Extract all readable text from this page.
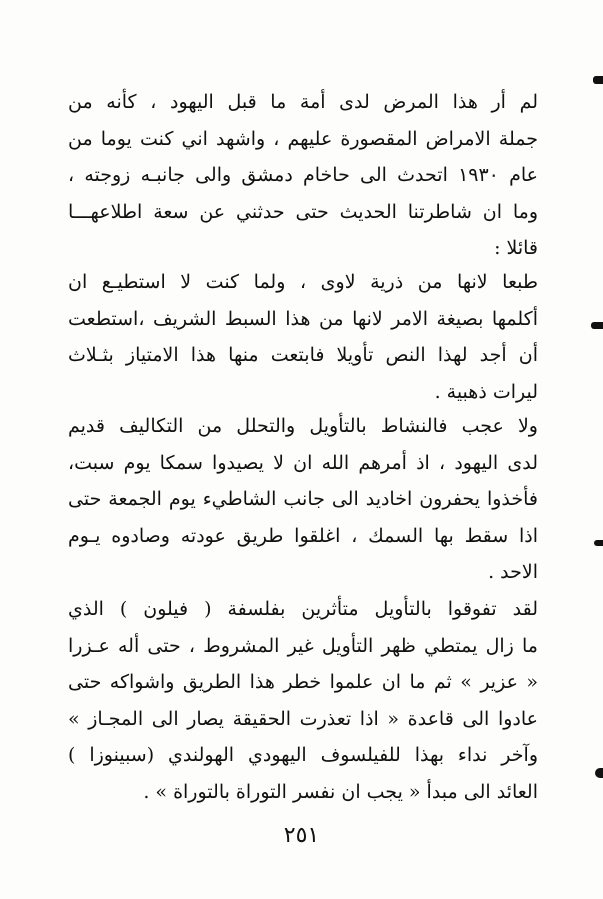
لم أر هذا المرض لدى أمة ما قبل اليهود ، كأنه من
جملة الامراض المقصورة عليهم ، واشهد اني كنت يوما من
عام ١٩٣٠ اتحدث الى حاخام دمشق والى جانبـه زوجته ،
وما ان شاطرتنا الحديث حتى حدثني عن سعة اطلاعهـــا
قائلا :
طبعا لانها من ذرية لاوى ، ولما كنت لا استطيـع ان
أكلمها بصيغة الامر لانها من هذا السبط الشريف ،استطعت
أن أجد لهذا النص تأويلا فابتعت منها هذا الامتياز بثـلاث
ليرات ذهبية .
ولا عجب فالنشاط بالتأويل والتحلل من التكاليف قديم
لدى اليهود ، اذ أمرهم الله ان لا يصيدوا سمكا يوم سبت،
فأخذوا يحفرون اخاديد الى جانب الشاطيء يوم الجمعة حتى
اذا سقط بها السمك ، اغلقوا طريق عودته وصادوه يـوم
الاحد .
لقد تفوقوا بالتأويل متأثرين بفلسفة ( فيلون ) الذي
ما زال يمتطي ظهر التأويل غير المشروط ، حتى أله عـزرا
« عزير » ثم ما ان علموا خطر هذا الطريق واشواكه حتى
عادوا الى قاعدة « اذا تعذرت الحقيقة يصار الى المجـاز »
وآخر نداء بهذا للفيلسوف اليهودي الهولندي (سبينوزا )
العائد الى مبدأ « يجب ان نفسر التوراة بالتوراة » .
٢٥١
